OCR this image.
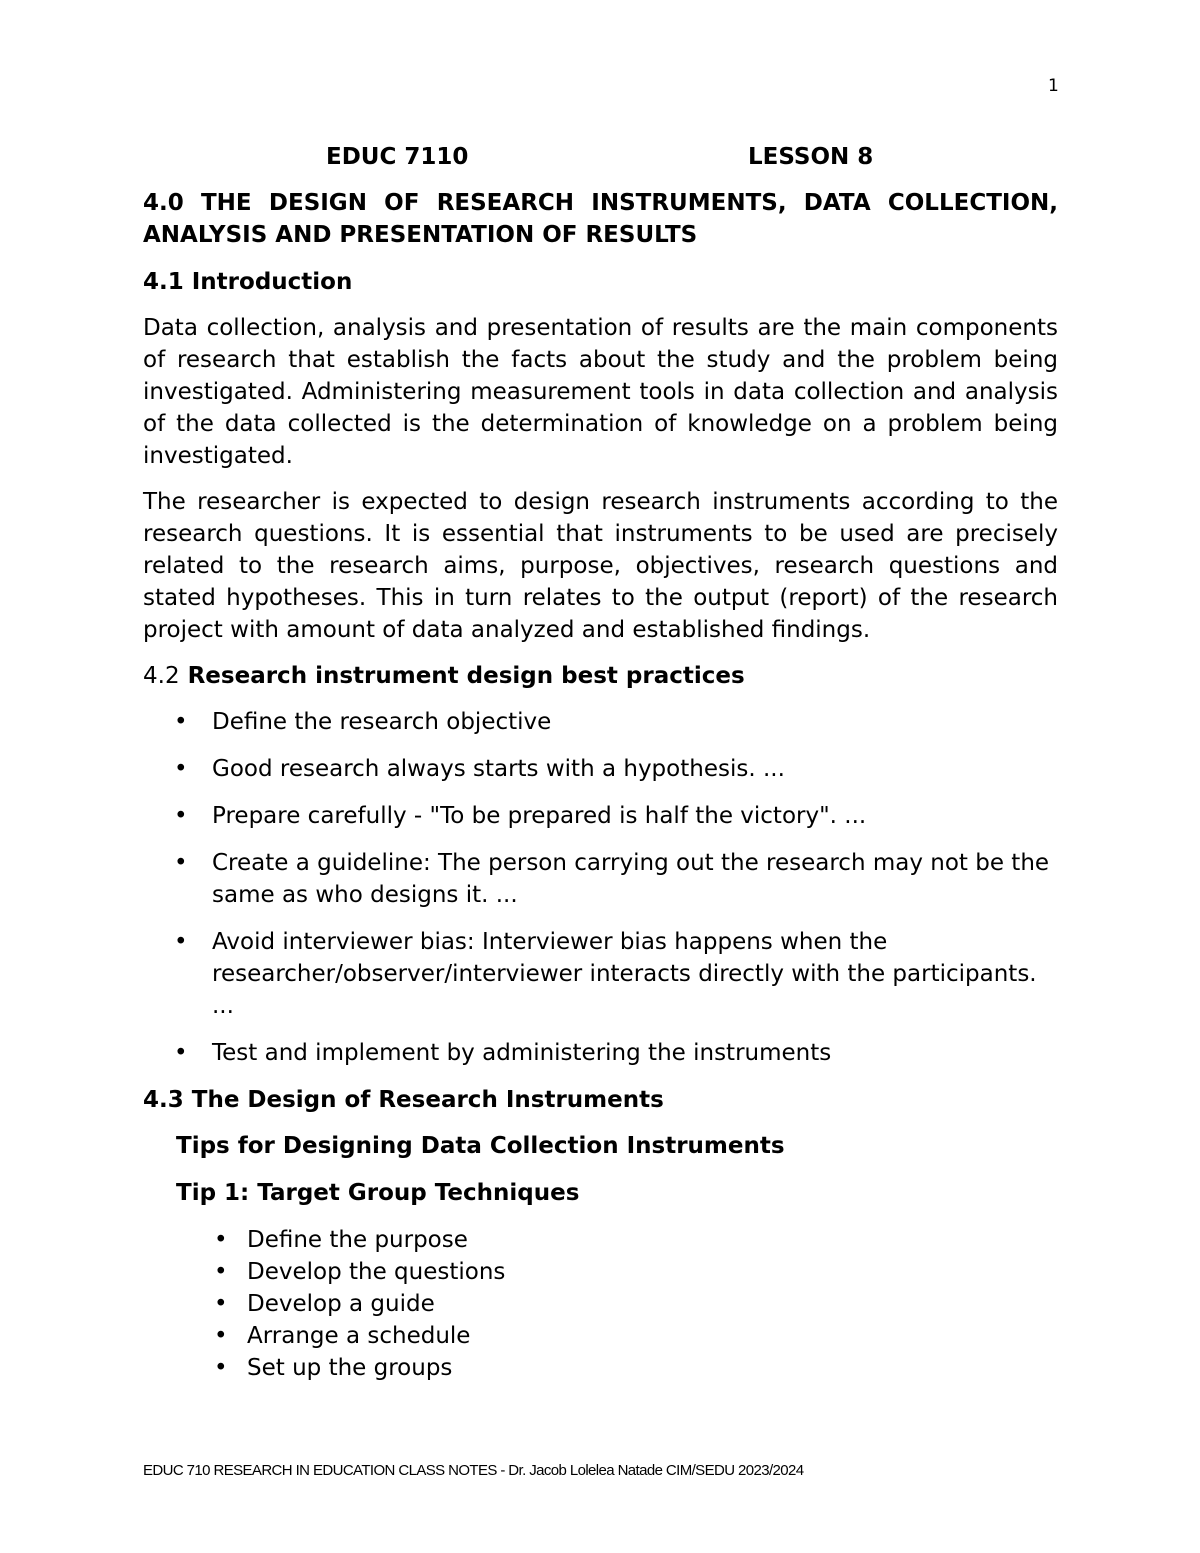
1
EDUC 7110	LESSON 8
4.0 THE DESIGN OF RESEARCH INSTRUMENTS, DATA COLLECTION, ANALYSIS AND PRESENTATION OF RESULTS
4.1 Introduction

Data collection, analysis and presentation of results are the main components of research that establish the facts about the study and the problem being investigated. Administering measurement tools in data collection and analysis of the data collected is the determination of knowledge on a problem being investigated.

The researcher is expected to design research instruments according to the research questions. It is essential that instruments to be used are precisely related to the research aims, purpose, objectives, research questions and stated hypotheses. This in turn relates to the output (report) of the research project with amount of data analyzed and established findings.

4.2 Research instrument design best practices
• Define the research objective
• Good research always starts with a hypothesis. ...
• Prepare carefully - "To be prepared is half the victory". ...
• Create a guideline: The person carrying out the research may not be the same as who designs it. ...
• Avoid interviewer bias: Interviewer bias happens when the researcher/observer/interviewer interacts directly with the participants. ...
• Test and implement by administering the instruments
4.3 The Design of Research Instruments
Tips for Designing Data Collection Instruments
Tip 1: Target Group Techniques
• Define the purpose
• Develop the questions
• Develop a guide
• Arrange a schedule
• Set up the groups
EDUC 710 RESEARCH IN EDUCATION CLASS NOTES - Dr. Jacob Lolelea Natade CIM/SEDU 2023/2024
